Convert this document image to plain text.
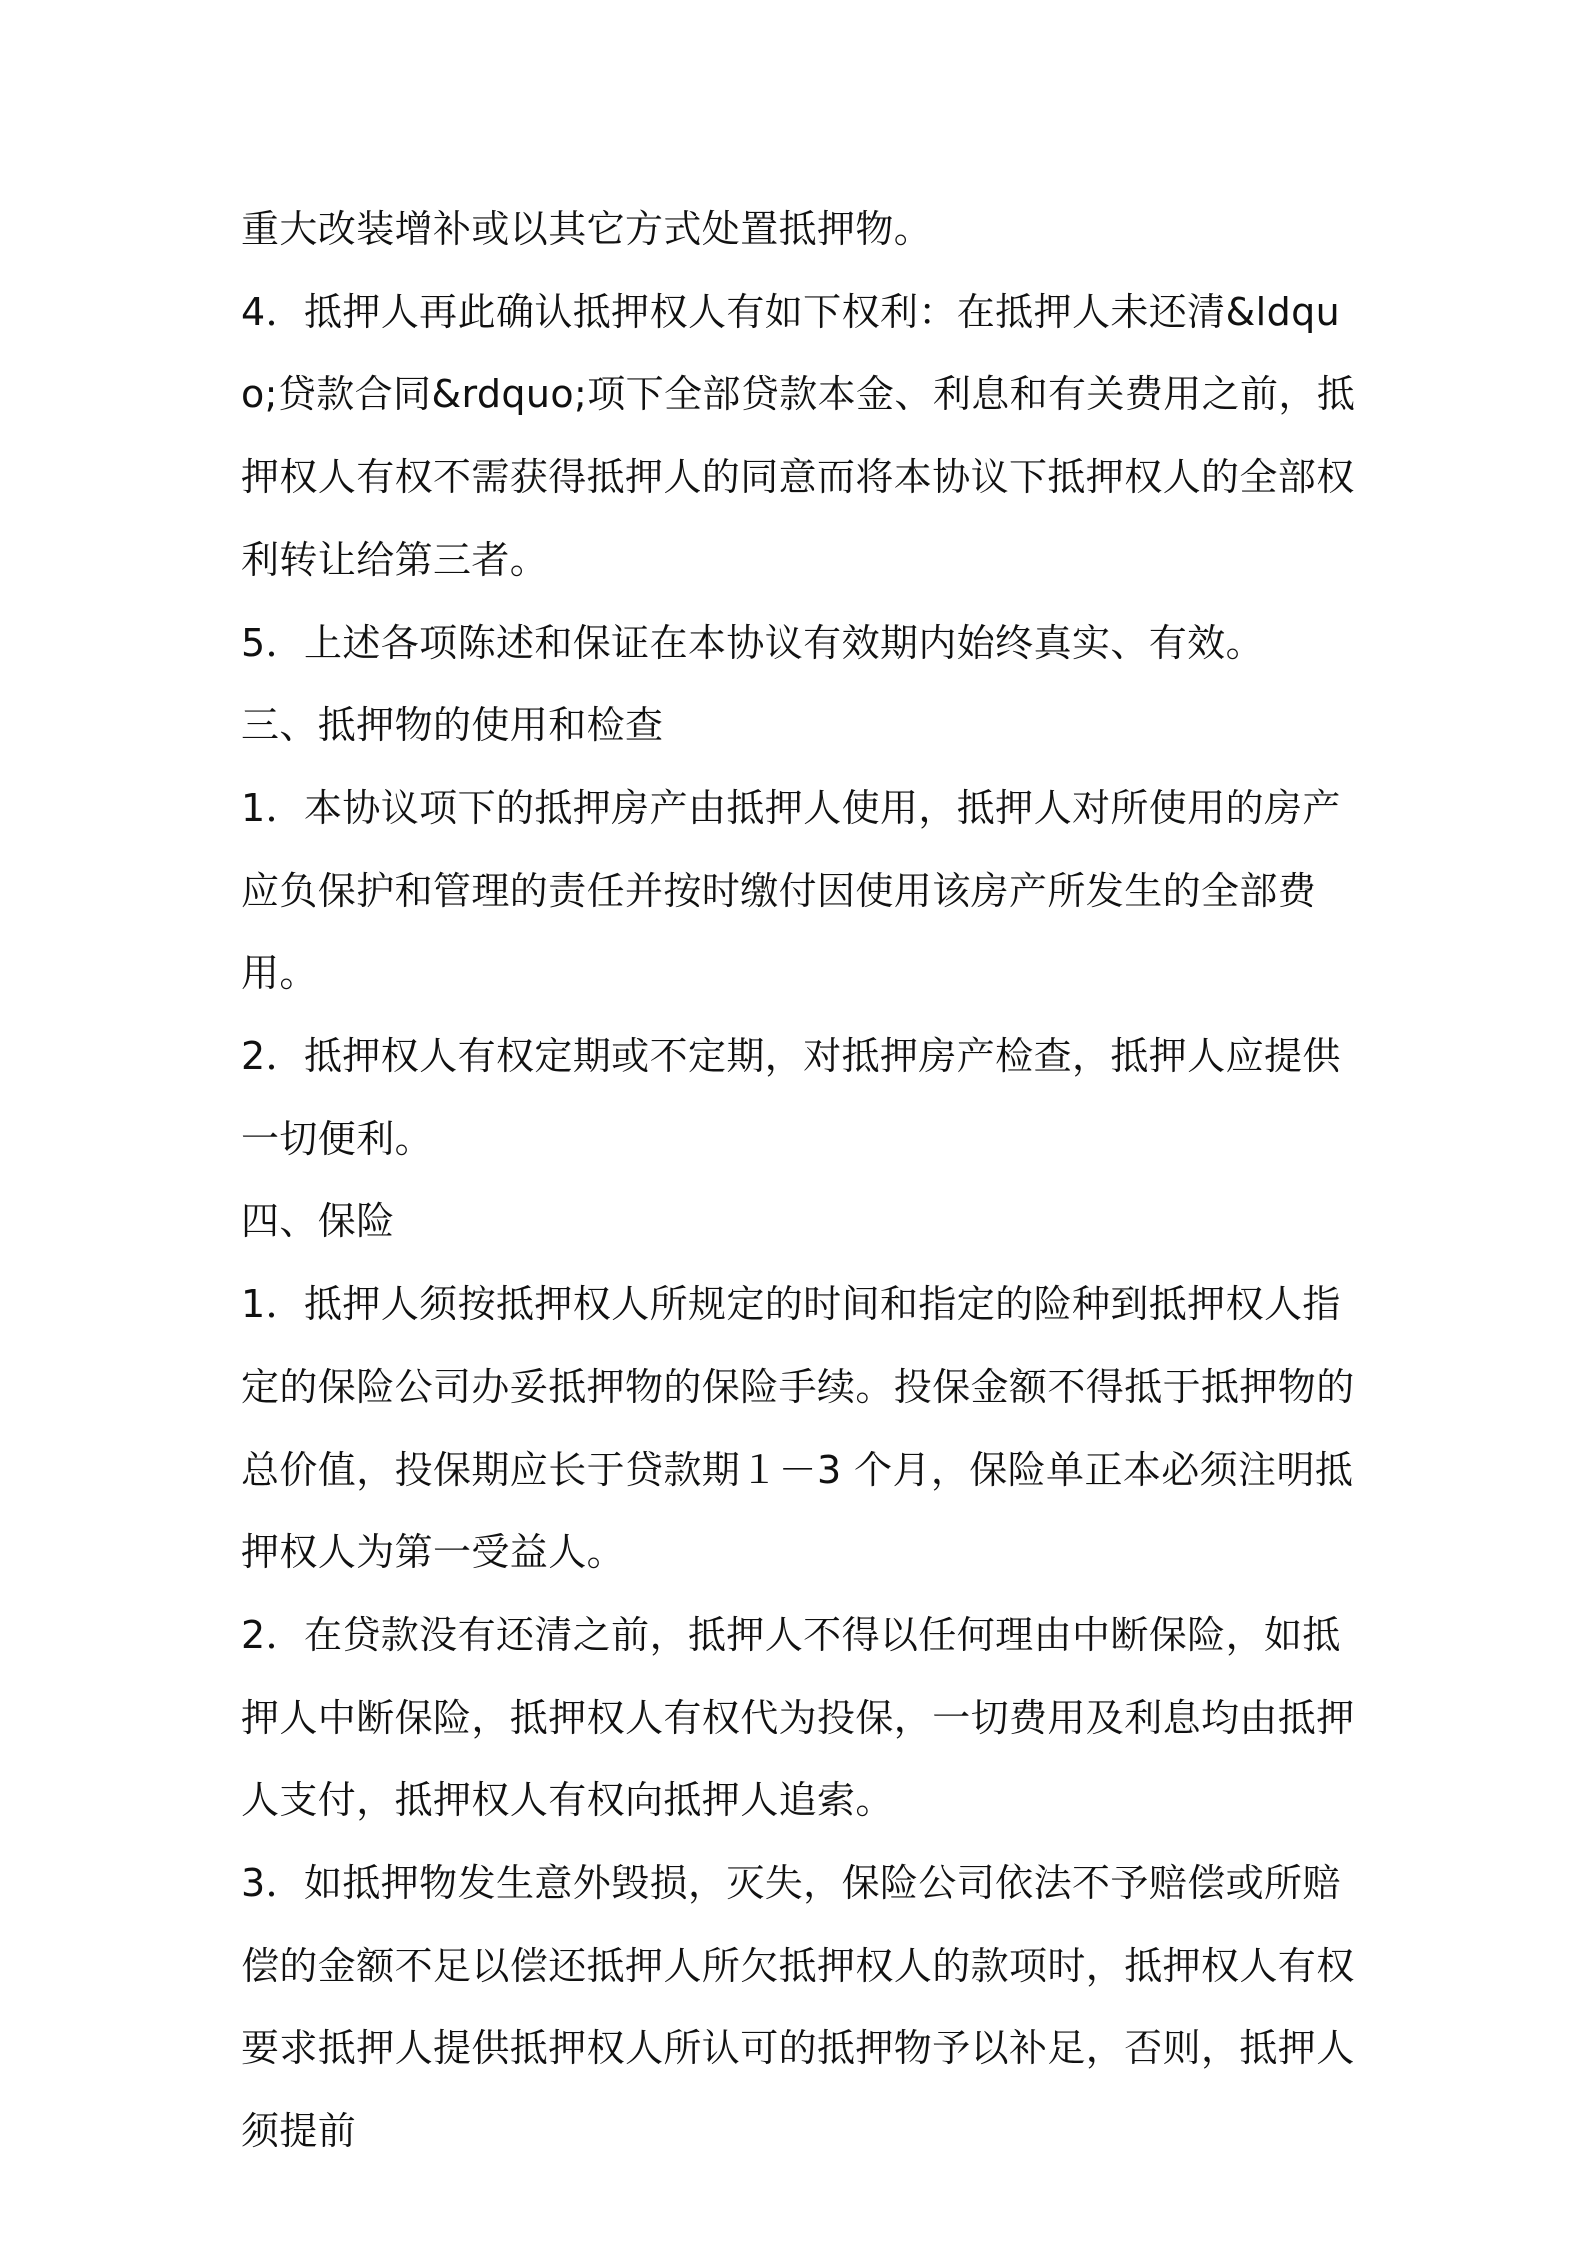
重大改装增补或以其它方式处置抵押物。

4．抵押人再此确认抵押权人有如下权利：在抵押人未还清&ldquo;贷款合同&rdquo;项下全部贷款本金、利息和有关费用之前，抵押权人有权不需获得抵押人的同意而将本协议下抵押权人的全部权利转让给第三者。

5．上述各项陈述和保证在本协议有效期内始终真实、有效。

三、抵押物的使用和检查

1．本协议项下的抵押房产由抵押人使用，抵押人对所使用的房产应负保护和管理的责任并按时缴付因使用该房产所发生的全部费用。

2．抵押权人有权定期或不定期，对抵押房产检查，抵押人应提供一切便利。

四、保险

1．抵押人须按抵押权人所规定的时间和指定的险种到抵押权人指定的保险公司办妥抵押物的保险手续。投保金额不得抵于抵押物的总价值，投保期应长于贷款期１－3 个月，保险单正本必须注明抵押权人为第一受益人。

2．在贷款没有还清之前，抵押人不得以任何理由中断保险，如抵押人中断保险，抵押权人有权代为投保，一切费用及利息均由抵押人支付，抵押权人有权向抵押人追索。

3．如抵押物发生意外毁损，灭失，保险公司依法不予赔偿或所赔偿的金额不足以偿还抵押人所欠抵押权人的款项时，抵押权人有权要求抵押人提供抵押权人所认可的抵押物予以补足，否则，抵押人须提前
